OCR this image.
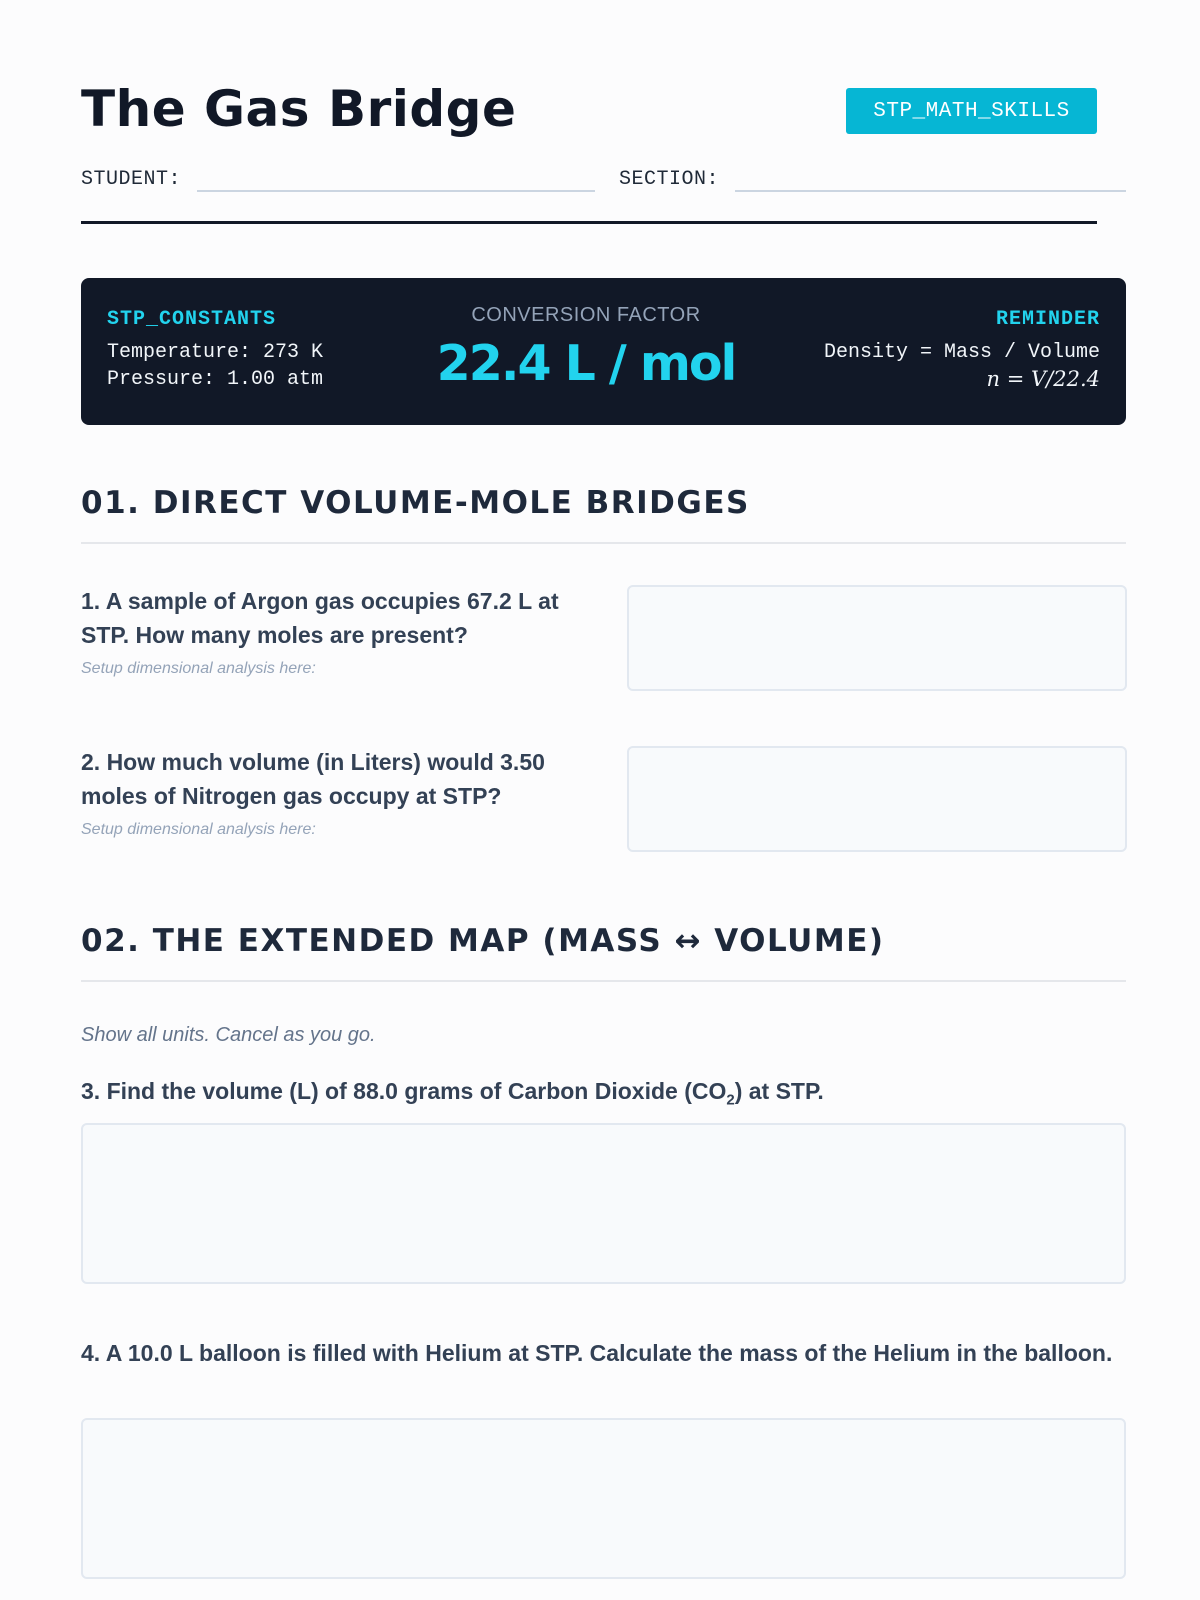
The Gas Bridge	STP_MATH_SKILLS
STUDENT:	SECTION:
STP_CONSTANTS
Temperature: 273 K
Pressure: 1.00 atm
CONVERSION FACTOR
22.4 L / mol
REMINDER
Density = Mass / Volume
n = V/22.4
01. DIRECT VOLUME-MOLE BRIDGES
1. A sample of Argon gas occupies 67.2 L at STP. How many moles are present?
Setup dimensional analysis here:
2. How much volume (in Liters) would 3.50 moles of Nitrogen gas occupy at STP?
Setup dimensional analysis here:
02. THE EXTENDED MAP (MASS ↔ VOLUME)
Show all units. Cancel as you go.
3. Find the volume (L) of 88.0 grams of Carbon Dioxide $(CO_2)$ at STP.
4. A 10.0 L balloon is filled with Helium at STP. Calculate the mass of the Helium in the balloon.
